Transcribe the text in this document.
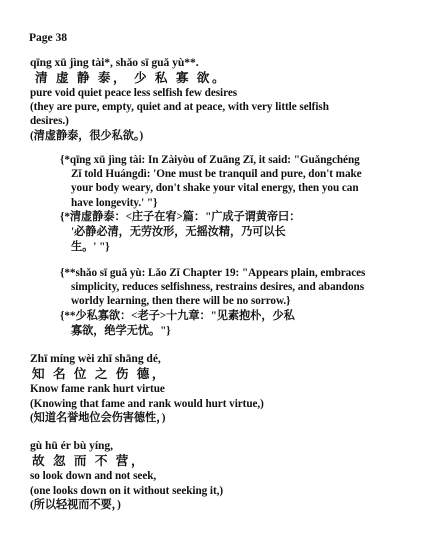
Page 38
qīng xū jìng tài*, shǎo sī guǎ yù**.
清 虚 静 泰， 少 私 寡 欲。
pure void quiet peace less selfish few desires
(they are pure, empty, quiet and at peace, with very little selfish
desires.)
(清虚静泰，很少私欲。)
{*qīng xū jìng tài: In Zàiyòu of Zuāng Zǐ, it said: "Guǎngchéng
Zǐ told Huángdì: 'One must be tranquil and pure, don't make
your body weary, don't shake your vital energy, then you can
have longevity.' "}
{*清虚静泰：<庄子在宥>篇："广成子谓黄帝曰：
'必静必清，无劳汝形，无摇汝精，乃可以长
生。' "}
{**shǎo sī guǎ yù: Lǎo Zǐ Chapter 19: "Appears plain, embraces
simplicity, reduces selfishness, restrains desires, and abandons
worldy learning, then there will be no sorrow.}
{**少私寡欲：<老子>十九章："见素抱朴，少私
寡欲，绝学无忧。"}
Zhī míng wèi zhī shāng dé,
知 名 位 之 伤 德，
Know fame rank hurt virtue
(Knowing that fame and rank would hurt virtue,)
(知道名誉地位会伤害德性，)
gù hū ér bù yíng,
故 忽 而 不 营，
so look down and not seek,
(one looks down on it without seeking it,)
(所以轻视而不要，)
